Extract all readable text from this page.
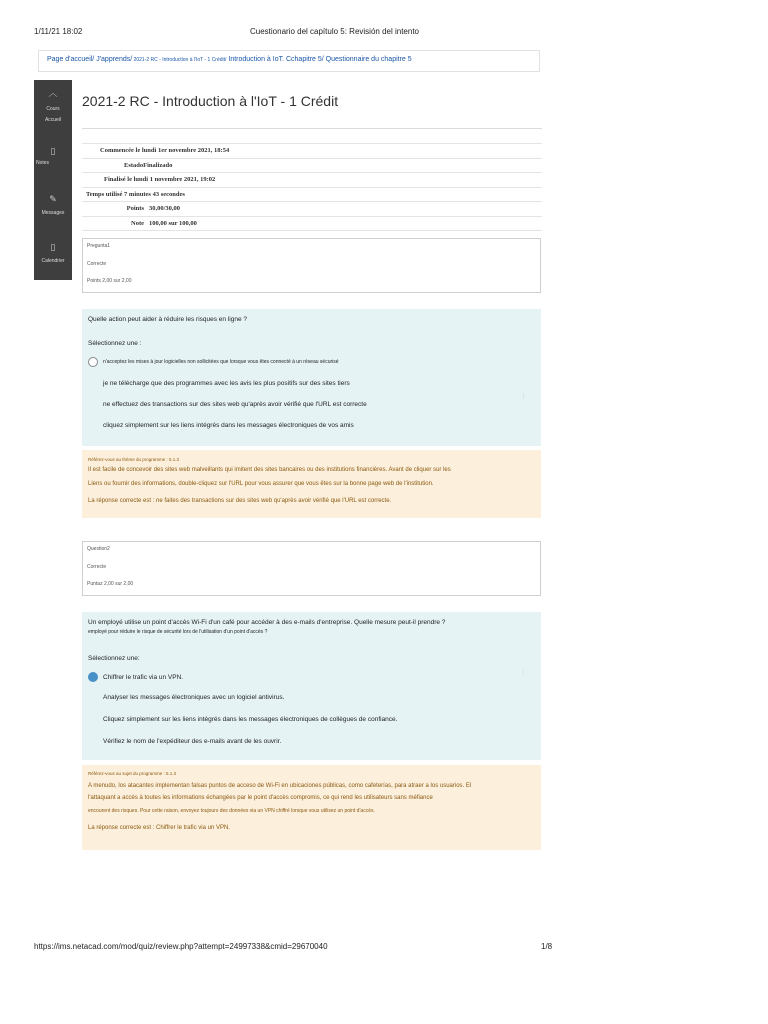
1/11/21 18:02	Cuestionario del capítulo 5: Revisión del intento
Page d'accueil/ J'apprends/ 2021-2 RC - Introduction à l'IoT - 1 Crédit/ Introduction à IoT. Cchapitre 5/ Questionnaire du chapitre 5
︿
Cours
Accueil
▯
Notes
✎
Messages
▯
Calendrier
2021-2 RC - Introduction à l'IoT - 1 Crédit
Commencée le lundi 1er novembre 2021, 18:54	
EstadoFinalizado	
Finalisé le lundi 1 novembre 2021, 19:02	
Temps utilisé 7 minutes 43 secondes	
Points	30,00/30,00
Note	100,00 sur 100,00
Pregunta1
Correcte
Points 2,00 sur 2,00
Quelle action peut aider à réduire les risques en ligne ?
Sélectionnez une :
n'acceptez les mises à jour logicielles non sollicitées que lorsque vous êtes connecté à un réseau sécurisé
je ne télécharge que des programmes avec les avis les plus positifs sur des sites tiers
ne effectuez des transactions sur des sites web qu'après avoir vérifié que l'URL est correcte
cliquez simplement sur les liens intégrés dans les messages électroniques de vos amis
⁝
Référez-vous au thème du programme : 5.1.3
Il est facile de concevoir des sites web malveillants qui imitent des sites bancaires ou des institutions financières. Avant de cliquer sur les
Liens ou fournir des informations, double-cliquez sur l'URL pour vous assurer que vous êtes sur la bonne page web de l'institution.
La réponse correcte est : ne faites des transactions sur des sites web qu'après avoir vérifié que l'URL est correcte.
Question2
Correcte
Puntaz 2,00 sur 2,00
Un employé utilise un point d'accès Wi-Fi d'un café pour accéder à des e-mails d'entreprise. Quelle mesure peut-il prendre ?
employé pour réduire le risque de sécurité lors de l'utilisation d'un point d'accès ?
Sélectionnez une:
Chiffrer le trafic via un VPN.
Analyser les messages électroniques avec un logiciel antivirus.
Cliquez simplement sur les liens intégrés dans les messages électroniques de collègues de confiance.
Vérifiez le nom de l'expéditeur des e-mails avant de les ouvrir.
⁝
Référez-vous au sujet du programme : 5.1.3
A menudo, los atacantes implementan falsas puntos de acceso de Wi-Fi en ubicaciones públicas, como cafeterías, para atraer a los usuarios. El
l'attaquant a accès à toutes les informations échangées par le point d'accès compromis, ce qui rend les utilisateurs sans méfiance
encourent des risques. Pour cette raison, envoyez toujours des données via un VPN chiffré lorsque vous utilisez un point d'accès.
La réponse correcte est : Chiffrer le trafic via un VPN.
https://ims.netacad.com/mod/quiz/review.php?attempt=24997338&cmid=29670040	1/8
